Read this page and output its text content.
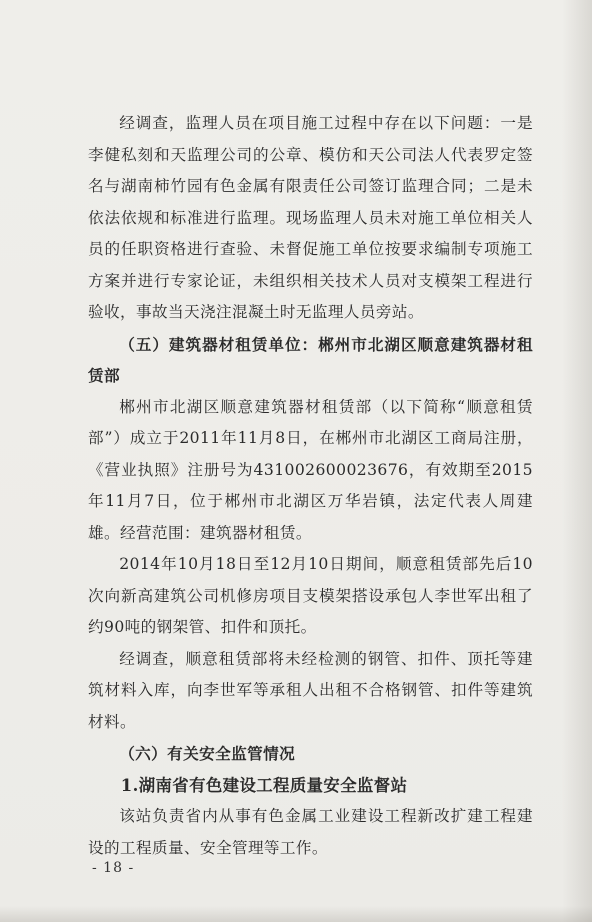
经调查，监理人员在项目施工过程中存在以下问题：一是李健私刻和天监理公司的公章、模仿和天公司法人代表罗定签名与湖南柿竹园有色金属有限责任公司签订监理合同；二是未依法依规和标准进行监理。现场监理人员未对施工单位相关人员的任职资格进行查验、未督促施工单位按要求编制专项施工方案并进行专家论证，未组织相关技术人员对支模架工程进行验收，事故当天浇注混凝土时无监理人员旁站。

（五）建筑器材租赁单位：郴州市北湖区顺意建筑器材租赁部

郴州市北湖区顺意建筑器材租赁部（以下简称“顺意租赁部”）成立于2011年11月8日，在郴州市北湖区工商局注册，《营业执照》注册号为431002600023676，有效期至2015年11月7日，位于郴州市北湖区万华岩镇，法定代表人周建雄。经营范围：建筑器材租赁。

2014年10月18日至12月10日期间，顺意租赁部先后10次向新高建筑公司机修房项目支模架搭设承包人李世军出租了约90吨的钢架管、扣件和顶托。

经调查，顺意租赁部将未经检测的钢管、扣件、顶托等建筑材料入库，向李世军等承租人出租不合格钢管、扣件等建筑材料。

（六）有关安全监管情况

1.湖南省有色建设工程质量安全监督站

该站负责省内从事有色金属工业建设工程新改扩建工程建设的工程质量、安全管理等工作。

- 18 -
